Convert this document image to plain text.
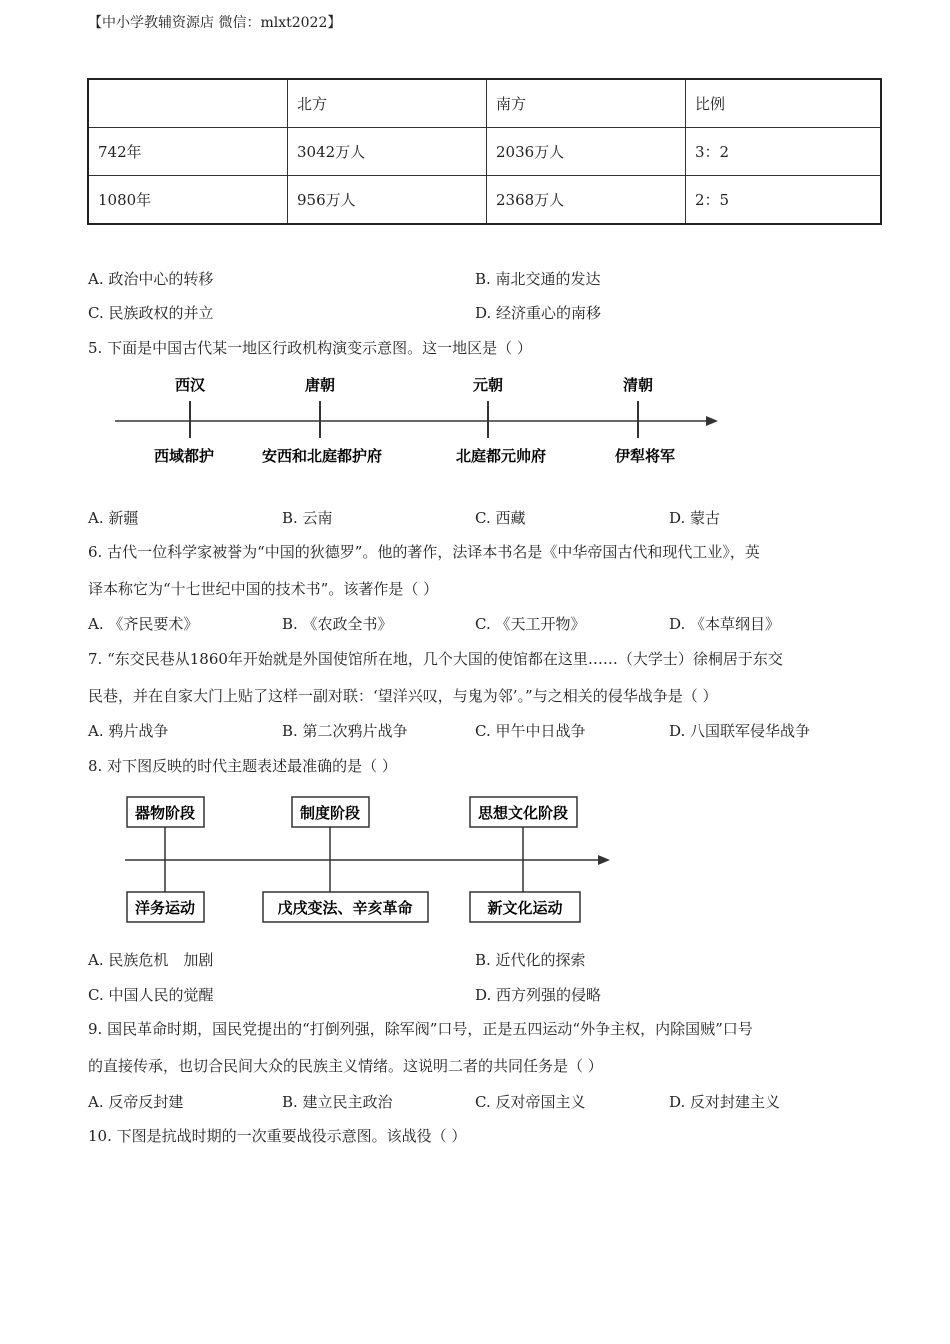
【中小学教辅资源店 微信：mlxt2022】
	北方	南方	比例
742年	3042万人	2036万人	3：2
1080年	956万人	2368万人	2：5
A. 政治中心的转移	B. 南北交通的发达
C. 民族政权的并立	D. 经济重心的南移
5. 下面是中国古代某一地区行政机构演变示意图。这一地区是（ ）
西汉	唐朝	元朝	清朝
西域都护	安西和北庭都护府	北庭都元帅府	伊犁将军
A. 新疆	B. 云南	C. 西藏	D. 蒙古
6. 古代一位科学家被誉为“中国的狄德罗”。他的著作，法译本书名是《中华帝国古代和现代工业》，英
译本称它为“十七世纪中国的技术书”。该著作是（ ）
A. 《齐民要术》	B. 《农政全书》	C. 《天工开物》	D. 《本草纲目》
7. “东交民巷从1860年开始就是外国使馆所在地，几个大国的使馆都在这里……（大学士）徐桐居于东交
民巷，并在自家大门上贴了这样一副对联：‘望洋兴叹，与鬼为邻’。”与之相关的侵华战争是（ ）
A. 鸦片战争	B. 第二次鸦片战争	C. 甲午中日战争	D. 八国联军侵华战争
8. 对下图反映的时代主题表述最准确的是（ ）
器物阶段	制度阶段	思想文化阶段
洋务运动	戊戌变法、辛亥革命	新文化运动
A. 民族危机　加剧	B. 近代化的探索
C. 中国人民的觉醒	D. 西方列强的侵略
9. 国民革命时期，国民党提出的“打倒列强，除军阀”口号，正是五四运动“外争主权，内除国贼”口号
的直接传承，也切合民间大众的民族主义情绪。这说明二者的共同任务是（ ）
A. 反帝反封建	B. 建立民主政治	C. 反对帝国主义	D. 反对封建主义
10. 下图是抗战时期的一次重要战役示意图。该战役（ ）
